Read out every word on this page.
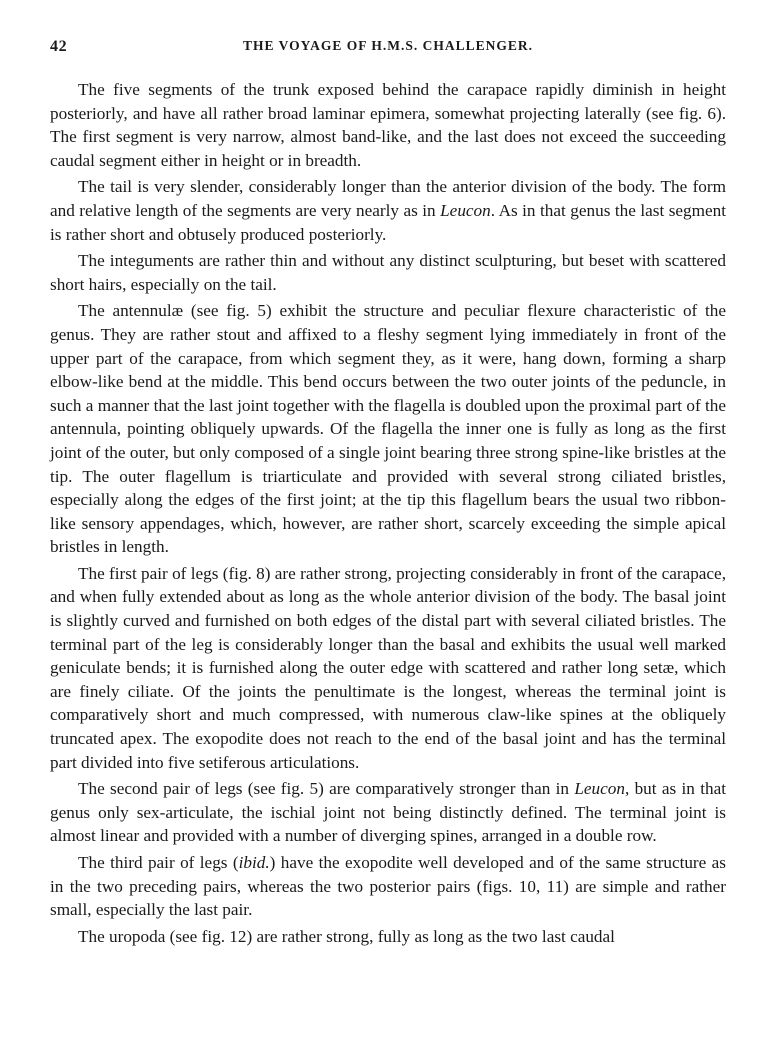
42	THE VOYAGE OF H.M.S. CHALLENGER.

The five segments of the trunk exposed behind the carapace rapidly diminish in height posteriorly, and have all rather broad laminar epimera, somewhat projecting laterally (see fig. 6). The first segment is very narrow, almost band-like, and the last does not exceed the succeeding caudal segment either in height or in breadth.

The tail is very slender, considerably longer than the anterior division of the body. The form and relative length of the segments are very nearly as in Leucon. As in that genus the last segment is rather short and obtusely produced posteriorly.

The integuments are rather thin and without any distinct sculpturing, but beset with scattered short hairs, especially on the tail.

The antennulæ (see fig. 5) exhibit the structure and peculiar flexure characteristic of the genus. They are rather stout and affixed to a fleshy segment lying immediately in front of the upper part of the carapace, from which segment they, as it were, hang down, forming a sharp elbow-like bend at the middle. This bend occurs between the two outer joints of the peduncle, in such a manner that the last joint together with the flagella is doubled upon the proximal part of the antennula, pointing obliquely upwards. Of the flagella the inner one is fully as long as the first joint of the outer, but only composed of a single joint bearing three strong spine-like bristles at the tip. The outer flagellum is triarticulate and provided with several strong ciliated bristles, especially along the edges of the first joint; at the tip this flagellum bears the usual two ribbon-like sensory appendages, which, however, are rather short, scarcely exceeding the simple apical bristles in length.

The first pair of legs (fig. 8) are rather strong, projecting considerably in front of the carapace, and when fully extended about as long as the whole anterior division of the body. The basal joint is slightly curved and furnished on both edges of the distal part with several ciliated bristles. The terminal part of the leg is considerably longer than the basal and exhibits the usual well marked geniculate bends; it is furnished along the outer edge with scattered and rather long setæ, which are finely ciliate. Of the joints the penultimate is the longest, whereas the terminal joint is comparatively short and much compressed, with numerous claw-like spines at the obliquely truncated apex. The exopodite does not reach to the end of the basal joint and has the terminal part divided into five setiferous articulations.

The second pair of legs (see fig. 5) are comparatively stronger than in Leucon, but as in that genus only sex-articulate, the ischial joint not being distinctly defined. The terminal joint is almost linear and provided with a number of diverging spines, arranged in a double row.

The third pair of legs (ibid.) have the exopodite well developed and of the same structure as in the two preceding pairs, whereas the two posterior pairs (figs. 10, 11) are simple and rather small, especially the last pair.

The uropoda (see fig. 12) are rather strong, fully as long as the two last caudal
